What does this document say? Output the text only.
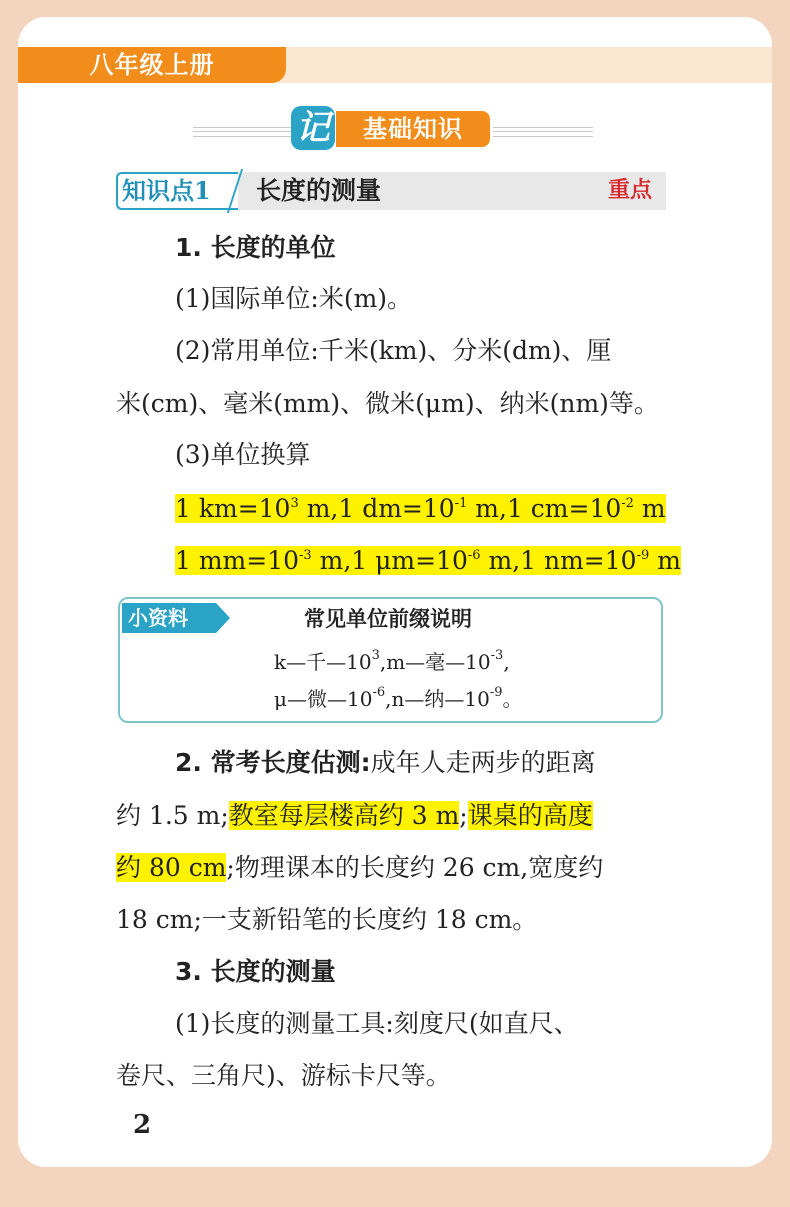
八年级上册
记	基础知识
知识点1	长度的测量	重点
1. 长度的单位
(1)国际单位:米(m)。
(2)常用单位:千米(km)、分米(dm)、厘
米(cm)、毫米(mm)、微米(μm)、纳米(nm)等。
(3)单位换算
1 $km=10^3$ m,1 $dm=10^{-1}$ m,1 $cm=10^{-2}$ m
1 $mm=10^{-3}$ m,1 $\mu m=10^{-6}$ m,1 $nm=10^{-9}$ m
小资料	常见单位前缀说明
k—千$—10^3,m—$毫$—10^{-3}$,
μ—微$—10^{-6},n—$纳$—10^{-9}$。
2. 常考长度估测:成年人走两步的距离
约 1.5 m;教室每层楼高约 3 m;课桌的高度
约 80 cm;物理课本的长度约 26 cm,宽度约
18 cm;一支新铅笔的长度约 18 cm。
3. 长度的测量
(1)长度的测量工具:刻度尺(如直尺、
卷尺、三角尺)、游标卡尺等。
2
